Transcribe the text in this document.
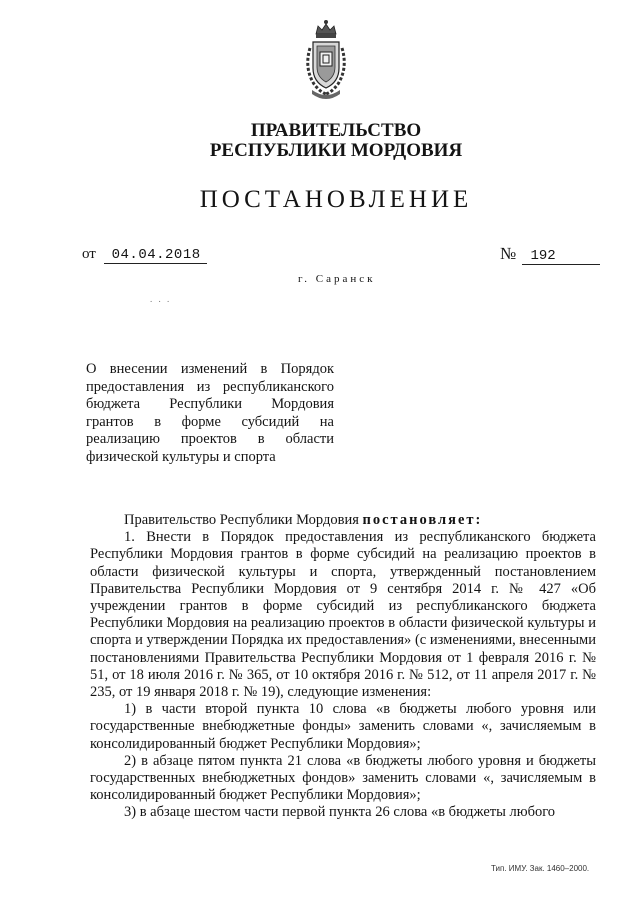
ПРАВИТЕЛЬСТВО
РЕСПУБЛИКИ МОРДОВИЯ
ПОСТАНОВЛЕНИЕ
от 04.04.2018	№ 192
г. Саранск
. . .
О внесении изменений в Порядок предоставления из республиканского бюджета Республики Мордовия грантов в форме субсидий на реализацию проектов в области физической культуры и спорта

Правительство Республики Мордовия постановляет:

1. Внести в Порядок предоставления из республиканского бюджета Республики Мордовия грантов в форме субсидий на реализацию проектов в области физической культуры и спорта, утвержденный постановлением Правительства Республики Мордовия от 9 сентября 2014 г. № 427 «Об учреждении грантов в форме субсидий из республиканского бюджета Республики Мордовия на реализацию проектов в области физической культуры и спорта и утверждении Порядка их предоставления» (с изменениями, внесенными постановлениями Правительства Республики Мордовия от 1 февраля 2016 г. № 51, от 18 июля 2016 г. № 365, от 10 октября 2016 г. № 512, от 11 апреля 2017 г. № 235, от 19 января 2018 г. № 19), следующие изменения:

1) в части второй пункта 10 слова «в бюджеты любого уровня или государственные внебюджетные фонды» заменить словами «, зачисляемым в консолидированный бюджет Республики Мордовия»;

2) в абзаце пятом пункта 21 слова «в бюджеты любого уровня и бюджеты государственных внебюджетных фондов» заменить словами «, зачисляемым в консолидированный бюджет Республики Мордовия»;

3) в абзаце шестом части первой пункта 26 слова «в бюджеты любого

Тип. ИМУ. Зак. 1460–2000.
